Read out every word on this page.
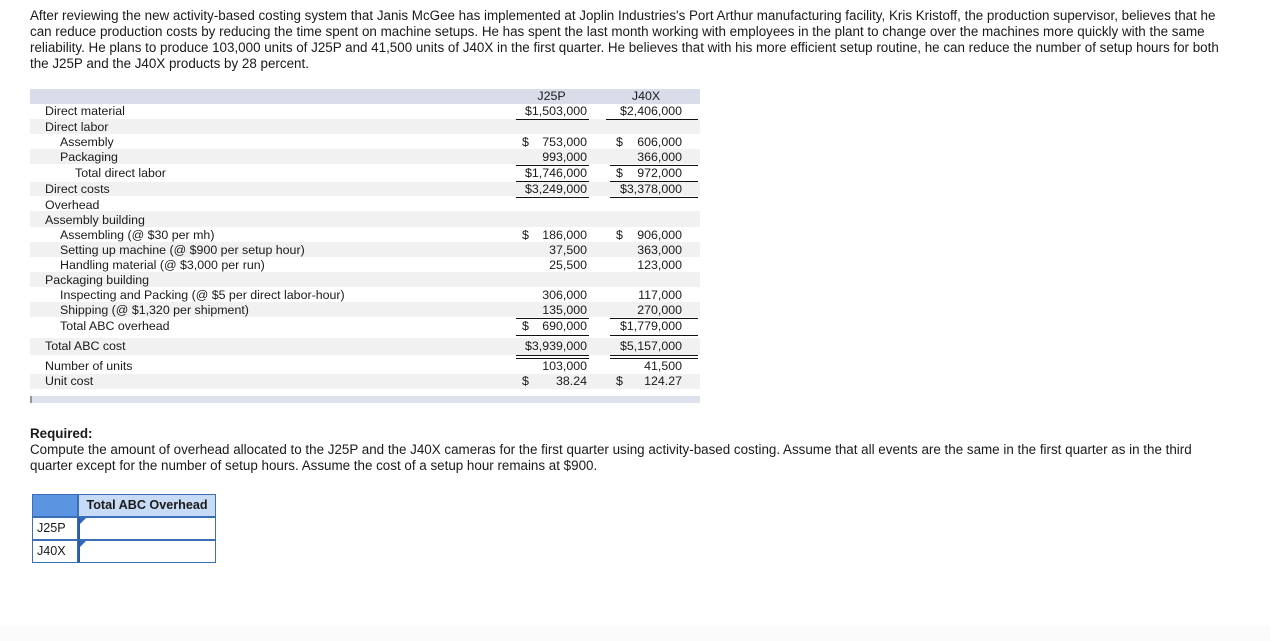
After reviewing the new activity-based costing system that Janis McGee has implemented at Joplin Industries's Port Arthur manufacturing facility, Kris Kristoff, the production supervisor, believes that he
can reduce production costs by reducing the time spent on machine setups. He has spent the last month working with employees in the plant to change over the machines more quickly with the same
reliability. He plans to produce 103,000 units of J25P and 41,500 units of J40X in the first quarter. He believes that with his more efficient setup routine, he can reduce the number of setup hours for both
the J25P and the J40X products by 28 percent.
J25P	J40X
Direct material	$1,503,000	$2,406,000
Direct labor
Assembly	$	753,000 $	606,000
Packaging	993,000	366,000
Total direct labor	$1,746,000 $	972,000
Direct costs	$3,249,000	$3,378,000
Overhead
Assembly building
Assembling (@ $30 per mh)	$	186,000 $	906,000
Setting up machine (@ $900 per setup hour)	37,500	363,000
Handling material (@ $3,000 per run)	25,500	123,000
Packaging building
Inspecting and Packing (@ $5 per direct labor-hour)	306,000	117,000
Shipping (@ $1,320 per shipment)	135,000	270,000
Total ABC overhead	$	690,000	$1,779,000
Total ABC cost	$3,939,000	$5,157,000
Number of units	103,000	41,500
Unit cost	$	38.24 $	124.27
Required:
Compute the amount of overhead allocated to the J25P and the J40X cameras for the first quarter using activity-based costing. Assume that all events are the same in the first quarter as in the third
quarter except for the number of setup hours. Assume the cost of a setup hour remains at $900.
Total ABC Overhead
J25P
J40X
